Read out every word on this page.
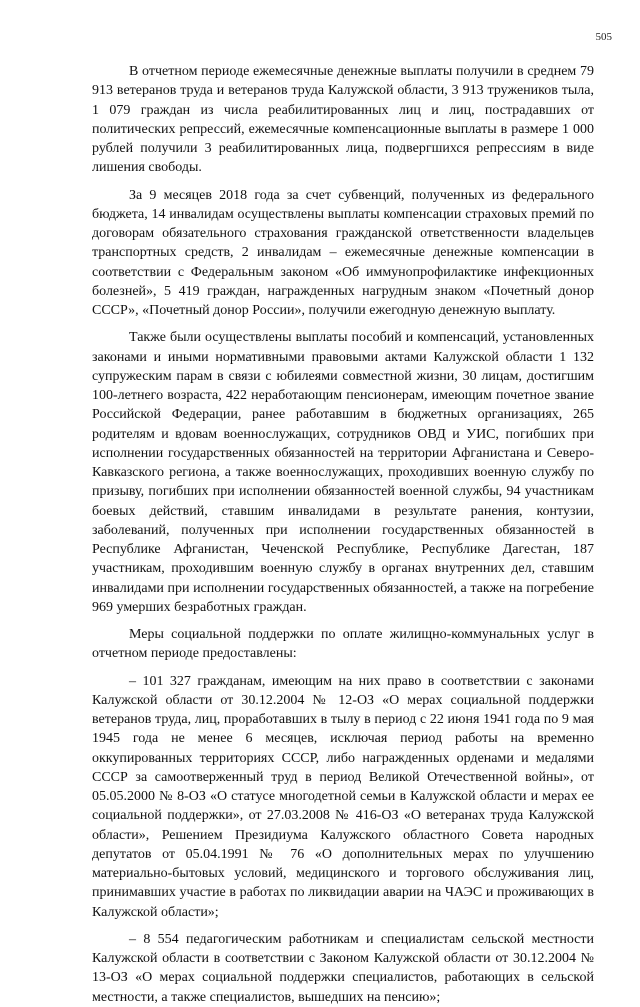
505

В отчетном периоде ежемесячные денежные выплаты получили в среднем 79 913 ветеранов труда и ветеранов труда Калужской области, 3 913 тружеников тыла, 1 079 граждан из числа реабилитированных лиц и лиц, пострадавших от политических репрессий, ежемесячные компенсационные выплаты в размере 1 000 рублей получили 3 реабилитированных лица, подвергшихся репрессиям в виде лишения свободы.

За 9 месяцев 2018 года за счет субвенций, полученных из федерального бюджета, 14 инвалидам осуществлены выплаты компенсации страховых премий по договорам обязательного страхования гражданской ответственности владельцев транспортных средств, 2 инвалидам – ежемесячные денежные компенсации в соответствии с Федеральным законом «Об иммунопрофилактике инфекционных болезней», 5 419 граждан, награжденных нагрудным знаком «Почетный донор СССР», «Почетный донор России», получили ежегодную денежную выплату.

Также были осуществлены выплаты пособий и компенсаций, установленных законами и иными нормативными правовыми актами Калужской области 1 132 супружеским парам в связи с юбилеями совместной жизни, 30 лицам, достигшим 100-летнего возраста, 422 неработающим пенсионерам, имеющим почетное звание Российской Федерации, ранее работавшим в бюджетных организациях, 265 родителям и вдовам военнослужащих, сотрудников ОВД и УИС, погибших при исполнении государственных обязанностей на территории Афганистана и Северо-Кавказского региона, а также военнослужащих, проходивших военную службу по призыву, погибших при исполнении обязанностей военной службы, 94 участникам боевых действий, ставшим инвалидами в результате ранения, контузии, заболеваний, полученных при исполнении государственных обязанностей в Республике Афганистан, Чеченской Республике, Республике Дагестан, 187 участникам, проходившим военную службу в органах внутренних дел, ставшим инвалидами при исполнении государственных обязанностей, а также на погребение 969 умерших безработных граждан.

Меры социальной поддержки по оплате жилищно-коммунальных услуг в отчетном периоде предоставлены:

– 101 327 гражданам, имеющим на них право в соответствии с законами Калужской области от 30.12.2004 № 12-ОЗ «О мерах социальной поддержки ветеранов труда, лиц, проработавших в тылу в период с 22 июня 1941 года по 9 мая 1945 года не менее 6 месяцев, исключая период работы на временно оккупированных территориях СССР, либо награжденных орденами и медалями СССР за самоотверженный труд в период Великой Отечественной войны», от 05.05.2000 № 8-ОЗ «О статусе многодетной семьи в Калужской области и мерах ее социальной поддержки», от 27.03.2008 № 416-ОЗ «О ветеранах труда Калужской области», Решением Президиума Калужского областного Совета народных депутатов от 05.04.1991 № 76 «О дополнительных мерах по улучшению материально-бытовых условий, медицинского и торгового обслуживания лиц, принимавших участие в работах по ликвидации аварии на ЧАЭС и проживающих в Калужской области»;

– 8 554 педагогическим работникам и специалистам сельской местности Калужской области в соответствии с Законом Калужской области от 30.12.2004 № 13-ОЗ «О мерах социальной поддержки специалистов, работающих в сельской местности, а также специалистов, вышедших на пенсию»;
